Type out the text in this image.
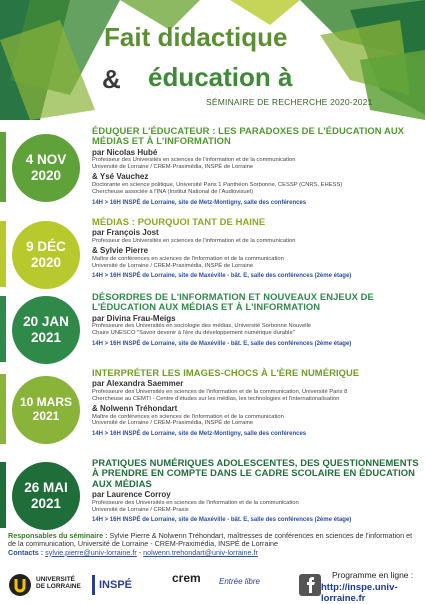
Fait didactique
& éducation à
SÉMINAIRE DE RECHERCHE 2020-2021
4 NOV
2020
ÉDUQUER L'ÉDUCATEUR : LES PARADOXES DE L'ÉDUCATION AUX MÉDIAS ET À L'INFORMATION
par Nicolas Hubé
Professeur des Universités en sciences de l'information et de la communication
Université de Lorraine / CREM-Praximédia, INSPÉ de Lorraine
& Ysé Vauchez
Doctorante en science politique, Université Paris 1 Panthéon Sorbonne, CESSP (CNRS, EHESS)
Chercheuse associée à l'INA (Institut National de l'Audiovisuel)
14H > 16H INSPÉ de Lorraine, site de Metz-Montigny, salle des conférences
9 DÉC
2020
MÉDIAS : POURQUOI TANT DE HAINE
par François Jost
Professeur des Universités en sciences de l'information et de la communication
& Sylvie Pierre
Maître de conférences en sciences de l'information et de la communication
Université de Lorraine / CREM-Praximédia, INSPÉ de Lorraine
14H > 16H INSPÉ de Lorraine, site de Maxéville - bât. E, salle des conférences (2ème étage)
20 JAN
2021
DÉSORDRES DE L'INFORMATION ET NOUVEAUX ENJEUX DE L'ÉDUCATION AUX MÉDIAS ET À L'INFORMATION
par Divina Frau-Meigs
Professeure des Universités en sociologie des médias, Université Sorbonne Nouvelle
Chaire UNESCO "Savoir devenir à l'ère du développement numérique durable"
14H > 16H INSPÉ de Lorraine, site de Maxéville - bât. E, salle des conférences (2ème étage)
10 MARS
2021
INTERPRÉTER LES IMAGES-CHOCS À L'ÈRE NUMÉRIQUE
par Alexandra Saemmer
Professeure des Universités en sciences de l'information et de la communication, Université Paris 8
Chercheuse au CEMTI - Centre d'études sur les médias, les technologies et l'internationalisation
& Nolwenn Tréhondart
Maître de conférences en sciences de l'information et de la communication
Université de Lorraine / CREM-Praximédia, INSPÉ de Lorraine
14H > 16H INSPÉ de Lorraine, site de Metz-Montigny, salle des conférences
26 MAI
2021
PRATIQUES NUMÉRIQUES ADOLESCENTES, DES QUESTIONNEMENTS À PRENDRE EN COMPTE DANS LE CADRE SCOLAIRE EN ÉDUCATION AUX MÉDIAS
par Laurence Corroy
Professeure des Universités en sciences de l'information et de la communication
Université de Lorraine / CREM-Praxis
14H > 16H INSPÉ de Lorraine, site de Maxéville - bât. E, salle des conférences (2ème étage)
Responsables du séminaire : Sylvie Pierre & Nolwenn Tréhondart, maîtresses de conférences en sciences de l'information et de la communication, Université de Lorraine - CREM-Praximédia, INSPÉ de Lorraine
Contacts : sylvie.pierre@univ-lorraine.fr - nolwenn.trehondart@univ-lorraine.fr
UNIVERSITÉ
DE LORRAINE INSPÉ	crem Entrée libre
Programme en ligne :
http://inspe.univ-lorraine.fr
